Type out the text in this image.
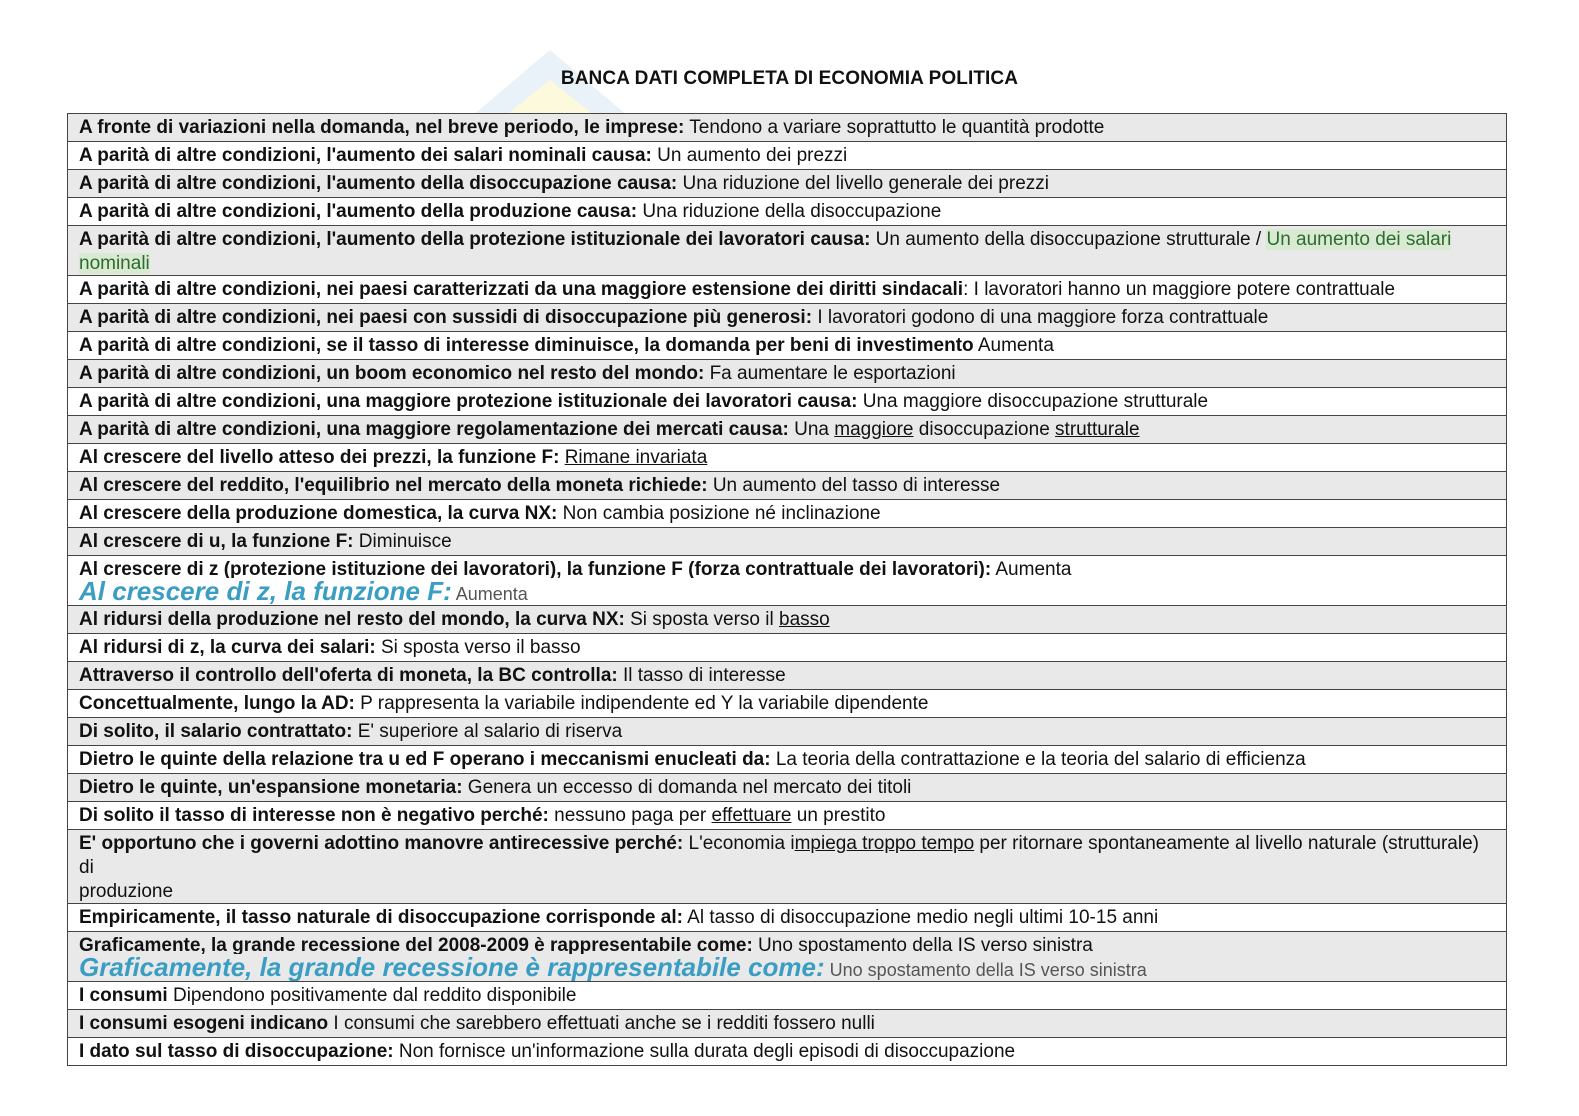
BANCA DATI COMPLETA DI ECONOMIA POLITICA
A fronte di variazioni nella domanda, nel breve periodo, le imprese: Tendono a variare soprattutto le quantità prodotte
A parità di altre condizioni, l'aumento dei salari nominali causa: Un aumento dei prezzi
A parità di altre condizioni, l'aumento della disoccupazione causa: Una riduzione del livello generale dei prezzi
A parità di altre condizioni, l'aumento della produzione causa: Una riduzione della disoccupazione
A parità di altre condizioni, l'aumento della protezione istituzionale dei lavoratori causa: Un aumento della disoccupazione strutturale / Un aumento dei salari nominali
A parità di altre condizioni, nei paesi caratterizzati da una maggiore estensione dei diritti sindacali: I lavoratori hanno un maggiore potere contrattuale
A parità di altre condizioni, nei paesi con sussidi di disoccupazione più generosi: I lavoratori godono di una maggiore forza contrattuale
A parità di altre condizioni, se il tasso di interesse diminuisce, la domanda per beni di investimento Aumenta
A parità di altre condizioni, un boom economico nel resto del mondo: Fa aumentare le esportazioni
A parità di altre condizioni, una maggiore protezione istituzionale dei lavoratori causa: Una maggiore disoccupazione strutturale
A parità di altre condizioni, una maggiore regolamentazione dei mercati causa: Una maggiore disoccupazione strutturale
Al crescere del livello atteso dei prezzi, la funzione F: Rimane invariata
Al crescere del reddito, l'equilibrio nel mercato della moneta richiede: Un aumento del tasso di interesse
Al crescere della produzione domestica, la curva NX: Non cambia posizione né inclinazione
Al crescere di u, la funzione F: Diminuisce
Al crescere di z (protezione istituzione dei lavoratori), la funzione F (forza contrattuale dei lavoratori): Aumenta
Al crescere di z, la funzione F: Aumenta
Al ridursi della produzione nel resto del mondo, la curva NX: Si sposta verso il basso
Al ridursi di z, la curva dei salari: Si sposta verso il basso
Attraverso il controllo dell'oferta di moneta, la BC controlla: Il tasso di interesse
Concettualmente, lungo la AD: P rappresenta la variabile indipendente ed Y la variabile dipendente
Di solito, il salario contrattato: E' superiore al salario di riserva
Dietro le quinte della relazione tra u ed F operano i meccanismi enucleati da: La teoria della contrattazione e la teoria del salario di efficienza
Dietro le quinte, un'espansione monetaria: Genera un eccesso di domanda nel mercato dei titoli
Di solito il tasso di interesse non è negativo perché: nessuno paga per effettuare un prestito
E' opportuno che i governi adottino manovre antirecessive perché: L'economia impiega troppo tempo per ritornare spontaneamente al livello naturale (strutturale) di
produzione
Empiricamente, il tasso naturale di disoccupazione corrisponde al: Al tasso di disoccupazione medio negli ultimi 10-15 anni
Graficamente, la grande recessione del 2008-2009 è rappresentabile come: Uno spostamento della IS verso sinistra
Graficamente, la grande recessione è rappresentabile come: Uno spostamento della IS verso sinistra
I consumi Dipendono positivamente dal reddito disponibile
I consumi esogeni indicano I consumi che sarebbero effettuati anche se i redditi fossero nulli
I dato sul tasso di disoccupazione: Non fornisce un'informazione sulla durata degli episodi di disoccupazione
